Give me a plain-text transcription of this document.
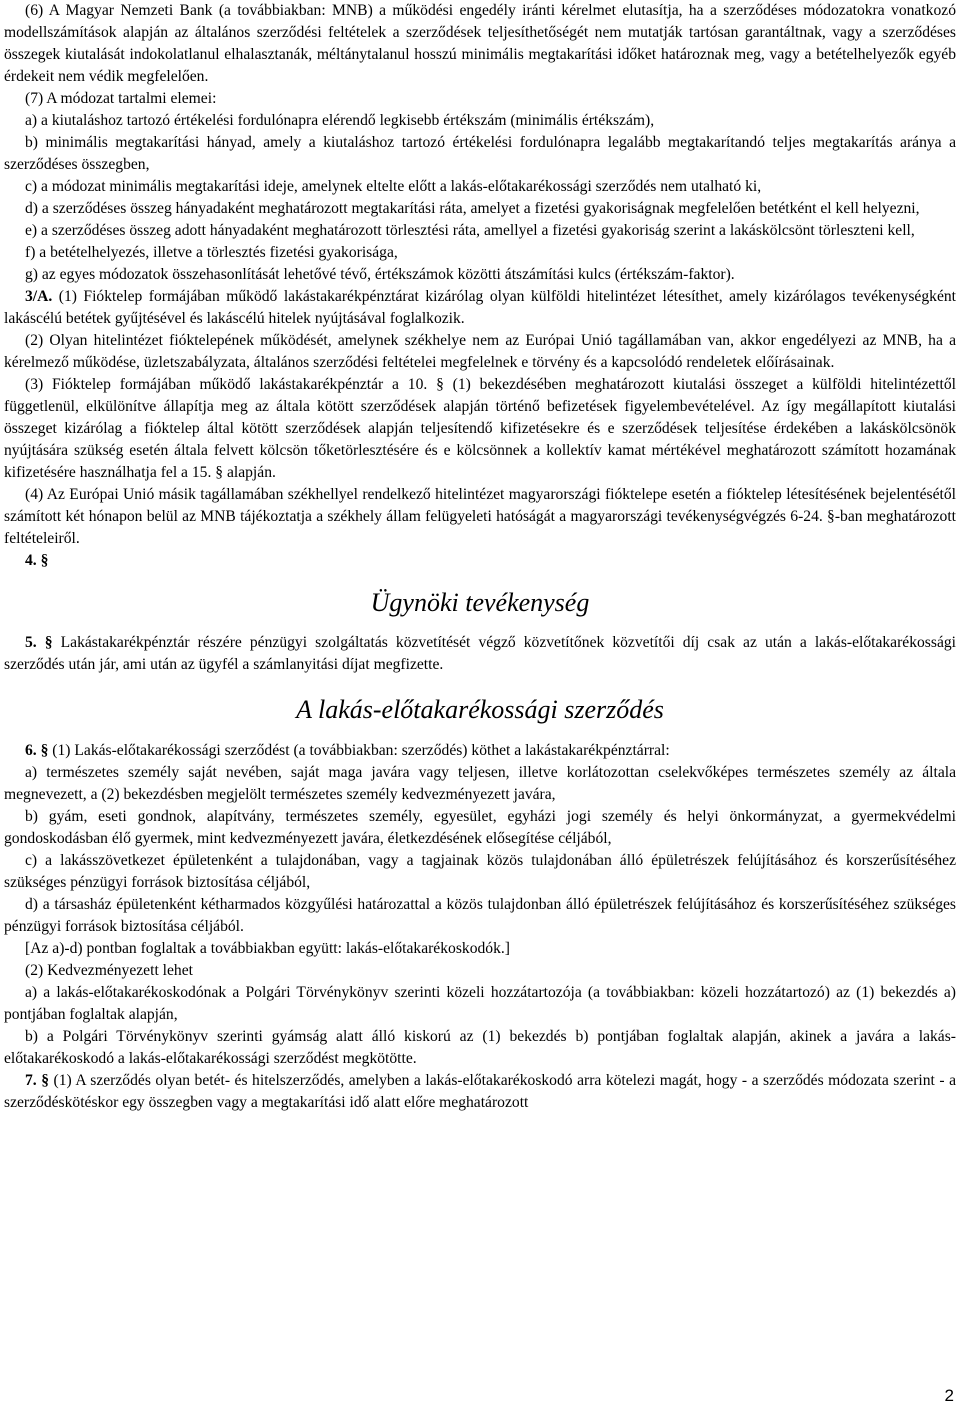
(6) A Magyar Nemzeti Bank (a továbbiakban: MNB) a működési engedély iránti kérelmet elutasítja, ha a szerződéses módozatokra vonatkozó modellszámítások alapján az általános szerződési feltételek a szerződések teljesíthetőségét nem mutatják tartósan garantáltnak, vagy a szerződéses összegek kiutalását indokolatlanul elhalasztanák, méltánytalanul hosszú minimális megtakarítási időket határoznak meg, vagy a betételhelyezők egyéb érdekeit nem védik megfelelően.

(7) A módozat tartalmi elemei:

a) a kiutaláshoz tartozó értékelési fordulónapra elérendő legkisebb értékszám (minimális értékszám),

b) minimális megtakarítási hányad, amely a kiutaláshoz tartozó értékelési fordulónapra legalább megtakarítandó teljes megtakarítás aránya a szerződéses összegben,

c) a módozat minimális megtakarítási ideje, amelynek eltelte előtt a lakás-előtakarékossági szerződés nem utalható ki,

d) a szerződéses összeg hányadaként meghatározott megtakarítási ráta, amelyet a fizetési gyakoriságnak megfelelően betétként el kell helyezni,

e) a szerződéses összeg adott hányadaként meghatározott törlesztési ráta, amellyel a fizetési gyakoriság szerint a lakáskölcsönt törleszteni kell,

f) a betételhelyezés, illetve a törlesztés fizetési gyakorisága,

g) az egyes módozatok összehasonlítását lehetővé tévő, értékszámok közötti átszámítási kulcs (értékszám-faktor).

3/A. (1) Fióktelep formájában működő lakástakarékpénztárat kizárólag olyan külföldi hitelintézet létesíthet, amely kizárólagos tevékenységként lakáscélú betétek gyűjtésével és lakáscélú hitelek nyújtásával foglalkozik.

(2) Olyan hitelintézet fióktelepének működését, amelynek székhelye nem az Európai Unió tagállamában van, akkor engedélyezi az MNB, ha a kérelmező működése, üzletszabályzata, általános szerződési feltételei megfelelnek e törvény és a kapcsolódó rendeletek előírásainak.

(3) Fióktelep formájában működő lakástakarékpénztár a 10. § (1) bekezdésében meghatározott kiutalási összeget a külföldi hitelintézettől függetlenül, elkülönítve állapítja meg az általa kötött szerződések alapján történő befizetések figyelembevételével. Az így megállapított kiutalási összeget kizárólag a fióktelep által kötött szerződések alapján teljesítendő kifizetésekre és e szerződések teljesítése érdekében a lakáskölcsönök nyújtására szükség esetén általa felvett kölcsön tőketörlesztésére és e kölcsönnek a kollektív kamat mértékével meghatározott számított hozamának kifizetésére használhatja fel a 15. § alapján.

(4) Az Európai Unió másik tagállamában székhellyel rendelkező hitelintézet magyarországi fióktelepe esetén a fióktelep létesítésének bejelentésétől számított két hónapon belül az MNB tájékoztatja a székhely állam felügyeleti hatóságát a magyarországi tevékenységvégzés 6-24. §-ban meghatározott feltételeiről.

4. §

Ügynöki tevékenység

5. § Lakástakarékpénztár részére pénzügyi szolgáltatás közvetítését végző közvetítőnek közvetítői díj csak az után a lakás-előtakarékossági szerződés után jár, ami után az ügyfél a számlanyitási díjat megfizette.

A lakás-előtakarékossági szerződés

6. § (1) Lakás-előtakarékossági szerződést (a továbbiakban: szerződés) köthet a lakástakarékpénztárral:

a) természetes személy saját nevében, saját maga javára vagy teljesen, illetve korlátozottan cselekvőképes természetes személy az általa megnevezett, a (2) bekezdésben megjelölt természetes személy kedvezményezett javára,

b) gyám, eseti gondnok, alapítvány, természetes személy, egyesület, egyházi jogi személy és helyi önkormányzat, a gyermekvédelmi gondoskodásban élő gyermek, mint kedvezményezett javára, életkezdésének elősegítése céljából,

c) a lakásszövetkezet épületenként a tulajdonában, vagy a tagjainak közös tulajdonában álló épületrészek felújításához és korszerűsítéséhez szükséges pénzügyi források biztosítása céljából,

d) a társasház épületenként kétharmados közgyűlési határozattal a közös tulajdonban álló épületrészek felújításához és korszerűsítéséhez szükséges pénzügyi források biztosítása céljából.

[Az a)-d) pontban foglaltak a továbbiakban együtt: lakás-előtakarékoskodók.]

(2) Kedvezményezett lehet

a) a lakás-előtakarékoskodónak a Polgári Törvénykönyv szerinti közeli hozzátartozója (a továbbiakban: közeli hozzátartozó) az (1) bekezdés a) pontjában foglaltak alapján,

b) a Polgári Törvénykönyv szerinti gyámság alatt álló kiskorú az (1) bekezdés b) pontjában foglaltak alapján, akinek a javára a lakás-előtakarékoskodó a lakás-előtakarékossági szerződést megkötötte.

7. § (1) A szerződés olyan betét- és hitelszerződés, amelyben a lakás-előtakarékoskodó arra kötelezi magát, hogy - a szerződés módozata szerint - a szerződéskötéskor egy összegben vagy a megtakarítási idő alatt előre meghatározott

2
